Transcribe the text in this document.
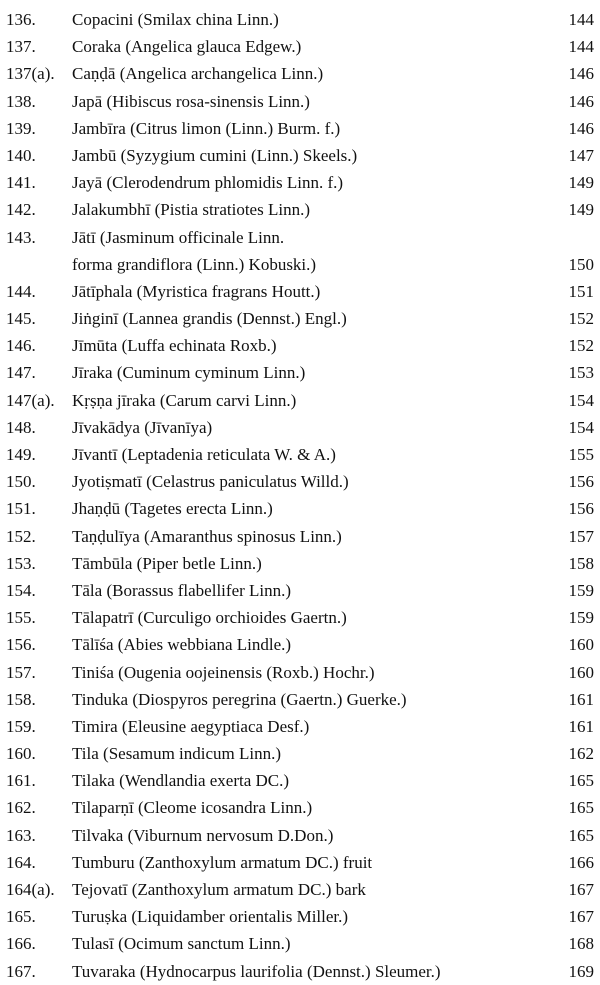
136. Copacini (Smilax china Linn.)	144
137. Coraka (Angelica glauca Edgew.)	144
137(a). Caṇḍā (Angelica archangelica Linn.)	146
138. Japā (Hibiscus rosa-sinensis Linn.)	146
139. Jambīra (Citrus limon (Linn.) Burm. f.)	146
140. Jambū (Syzygium cumini (Linn.) Skeels.)	147
141. Jayā (Clerodendrum phlomidis Linn. f.)	149
142. Jalakumbhī (Pistia stratiotes Linn.)	149
143. Jātī (Jasminum officinale Linn.
forma grandiflora (Linn.) Kobuski.)	150
144. Jātīphala (Myristica fragrans Houtt.)	151
145. Jiṅginī (Lannea grandis (Dennst.) Engl.)	152
146. Jīmūta (Luffa echinata Roxb.)	152
147. Jīraka (Cuminum cyminum Linn.)	153
147(a). Kṛṣṇa jīraka (Carum carvi Linn.)	154
148. Jīvakādya (Jīvanīya)	154
149. Jīvantī (Leptadenia reticulata W. & A.)	155
150. Jyotiṣmatī (Celastrus paniculatus Willd.)	156
151. Jhaṇḍū (Tagetes erecta Linn.)	156
152. Taṇḍulīya (Amaranthus spinosus Linn.)	157
153. Tāmbūla (Piper betle Linn.)	158
154. Tāla (Borassus flabellifer Linn.)	159
155. Tālapatrī (Curculigo orchioides Gaertn.)	159
156. Tālīśa (Abies webbiana Lindle.)	160
157. Tiniśa (Ougenia oojeinensis (Roxb.) Hochr.)	160
158. Tinduka (Diospyros peregrina (Gaertn.) Guerke.)	161
159. Timira (Eleusine aegyptiaca Desf.)	161
160. Tila (Sesamum indicum Linn.)	162
161. Tilaka (Wendlandia exerta DC.)	165
162. Tilaparṇī (Cleome icosandra Linn.)	165
163. Tilvaka (Viburnum nervosum D.Don.)	165
164. Tumburu (Zanthoxylum armatum DC.) fruit	166
164(a). Tejovatī (Zanthoxylum armatum DC.) bark	167
165. Turuṣka (Liquidamber orientalis Miller.)	167
166. Tulasī (Ocimum sanctum Linn.)	168
167. Tuvaraka (Hydnocarpus laurifolia (Dennst.) Sleumer.)	169
